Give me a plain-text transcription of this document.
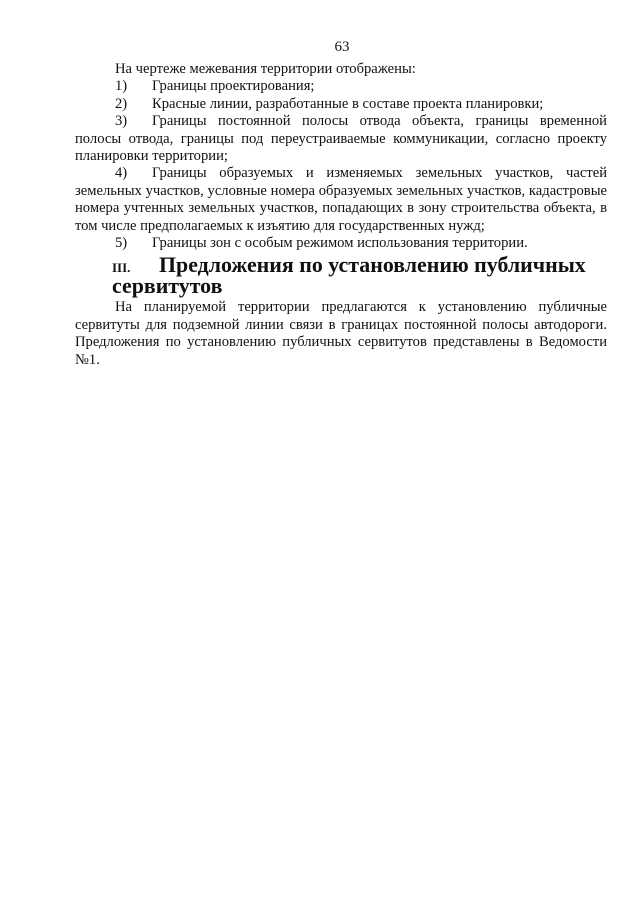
63

На чертеже межевания территории отображены:

1) Границы проектирования;

2) Красные линии, разработанные в составе проекта планировки;

3) Границы постоянной полосы отвода объекта, границы временной полосы отвода, границы под переустраиваемые коммуникации, согласно проекту планировки территории;

4) Границы образуемых и изменяемых земельных участков, частей земельных участков, условные номера образуемых земельных участков, кадастровые номера учтенных земельных участков, попадающих в зону строительства объекта, в том числе предполагаемых к изъятию для государственных нужд;

5) Границы зон с особым режимом использования территории.

III. Предложения по установлению публичных сервитутов

На планируемой территории предлагаются к установлению публичные сервитуты для подземной линии связи в границах постоянной полосы автодороги. Предложения по установлению публичных сервитутов представлены в Ведомости №1.
